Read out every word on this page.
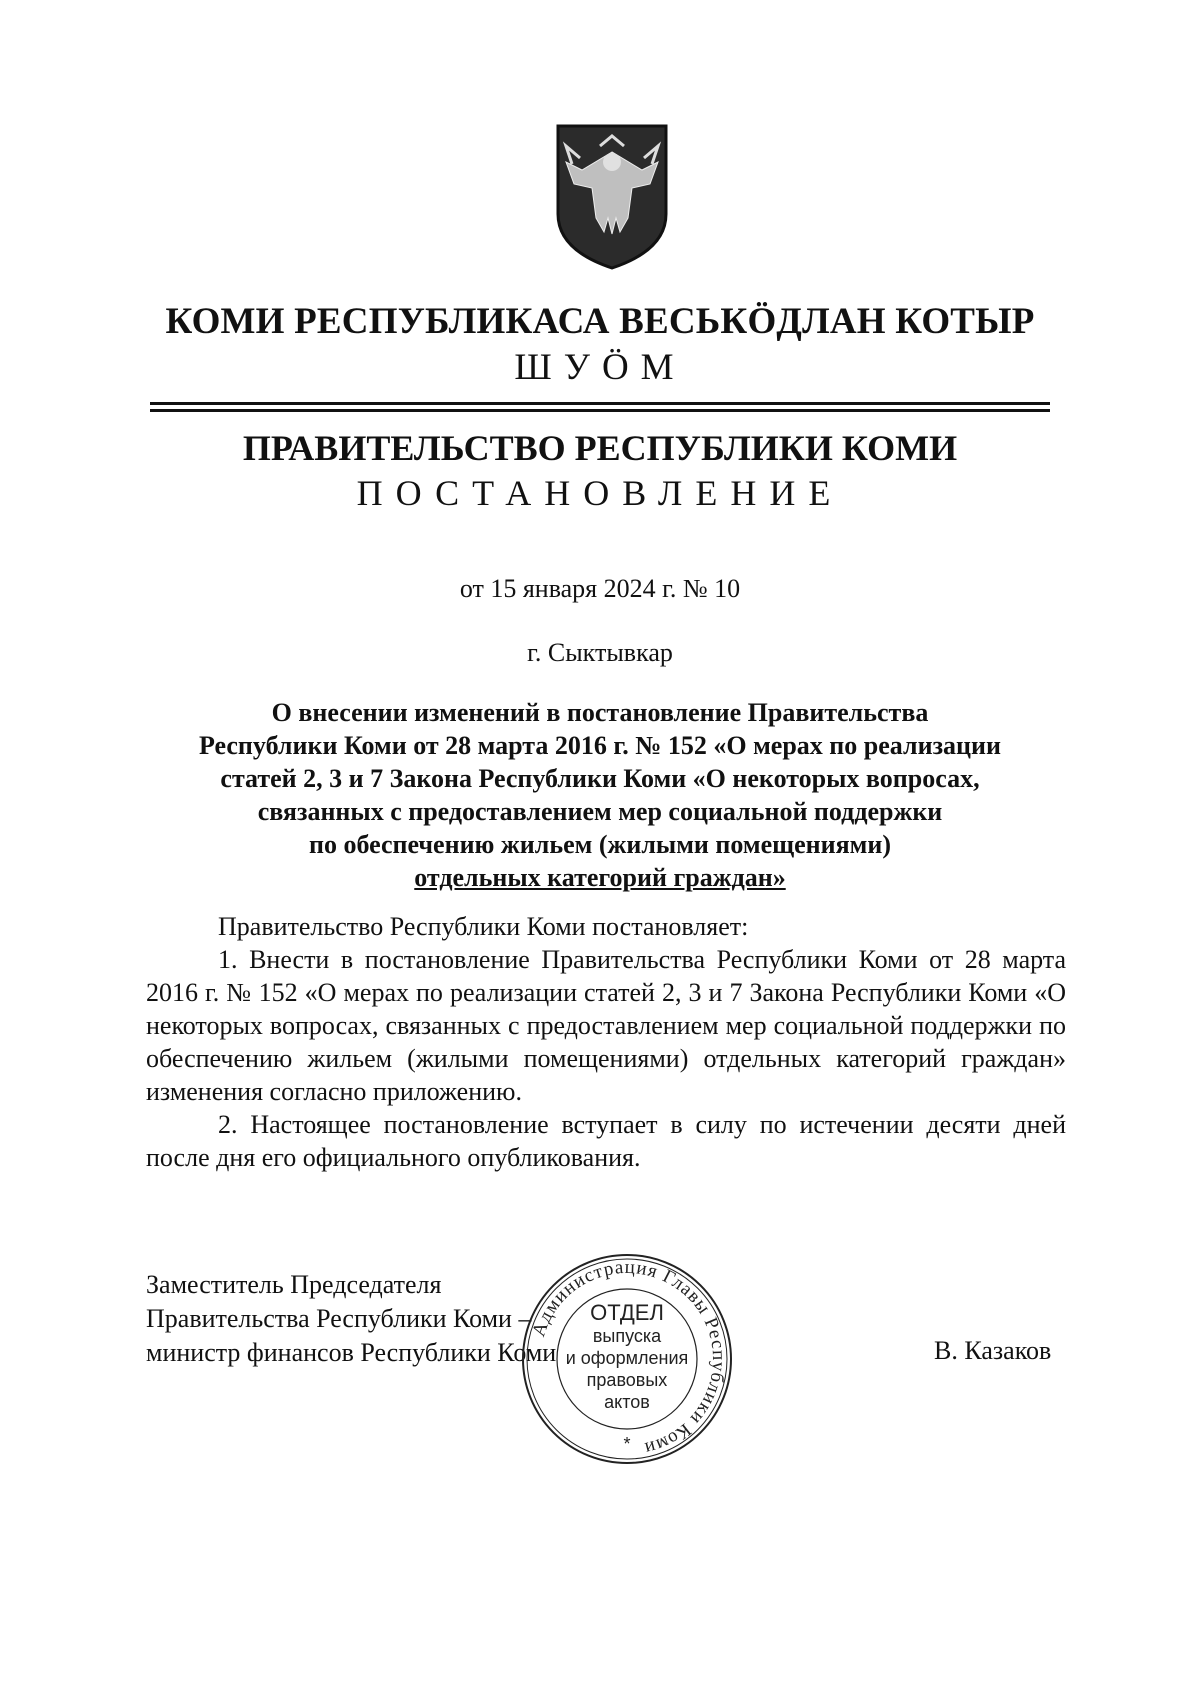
КОМИ РЕСПУБЛИКАСА ВЕСЬКӦДЛАН КОТЫР
ШУӦМ
ПРАВИТЕЛЬСТВО РЕСПУБЛИКИ КОМИ
ПОСТАНОВЛЕНИЕ
от 15 января 2024 г. № 10
г. Сыктывкар
О внесении изменений в постановление Правительства
Республики Коми от 28 марта 2016 г. № 152 «О мерах по реализации
статей 2, 3 и 7 Закона Республики Коми «О некоторых вопросах,
связанных с предоставлением мер социальной поддержки
по обеспечению жильем (жилыми помещениями)
отдельных категорий граждан»

Правительство Республики Коми постановляет:

1. Внести в постановление Правительства Республики Коми от 28 марта 2016 г. № 152 «О мерах по реализации статей 2, 3 и 7 Закона Республики Коми «О некоторых вопросах, связанных с предоставлением мер социальной поддержки по обеспечению жильем (жилыми помещениями) отдельных категорий граждан» изменения согласно приложению.

2. Настоящее постановление вступает в силу по истечении десяти дней после дня его официального опубликования.

Заместитель Председателя
Правительства Республики Коми –
министр финансов Республики Коми	В. Казаков
Администрация Главы Республики Коми
ОТДЕЛ
выпуска
и оформления
правовых
актов
*
